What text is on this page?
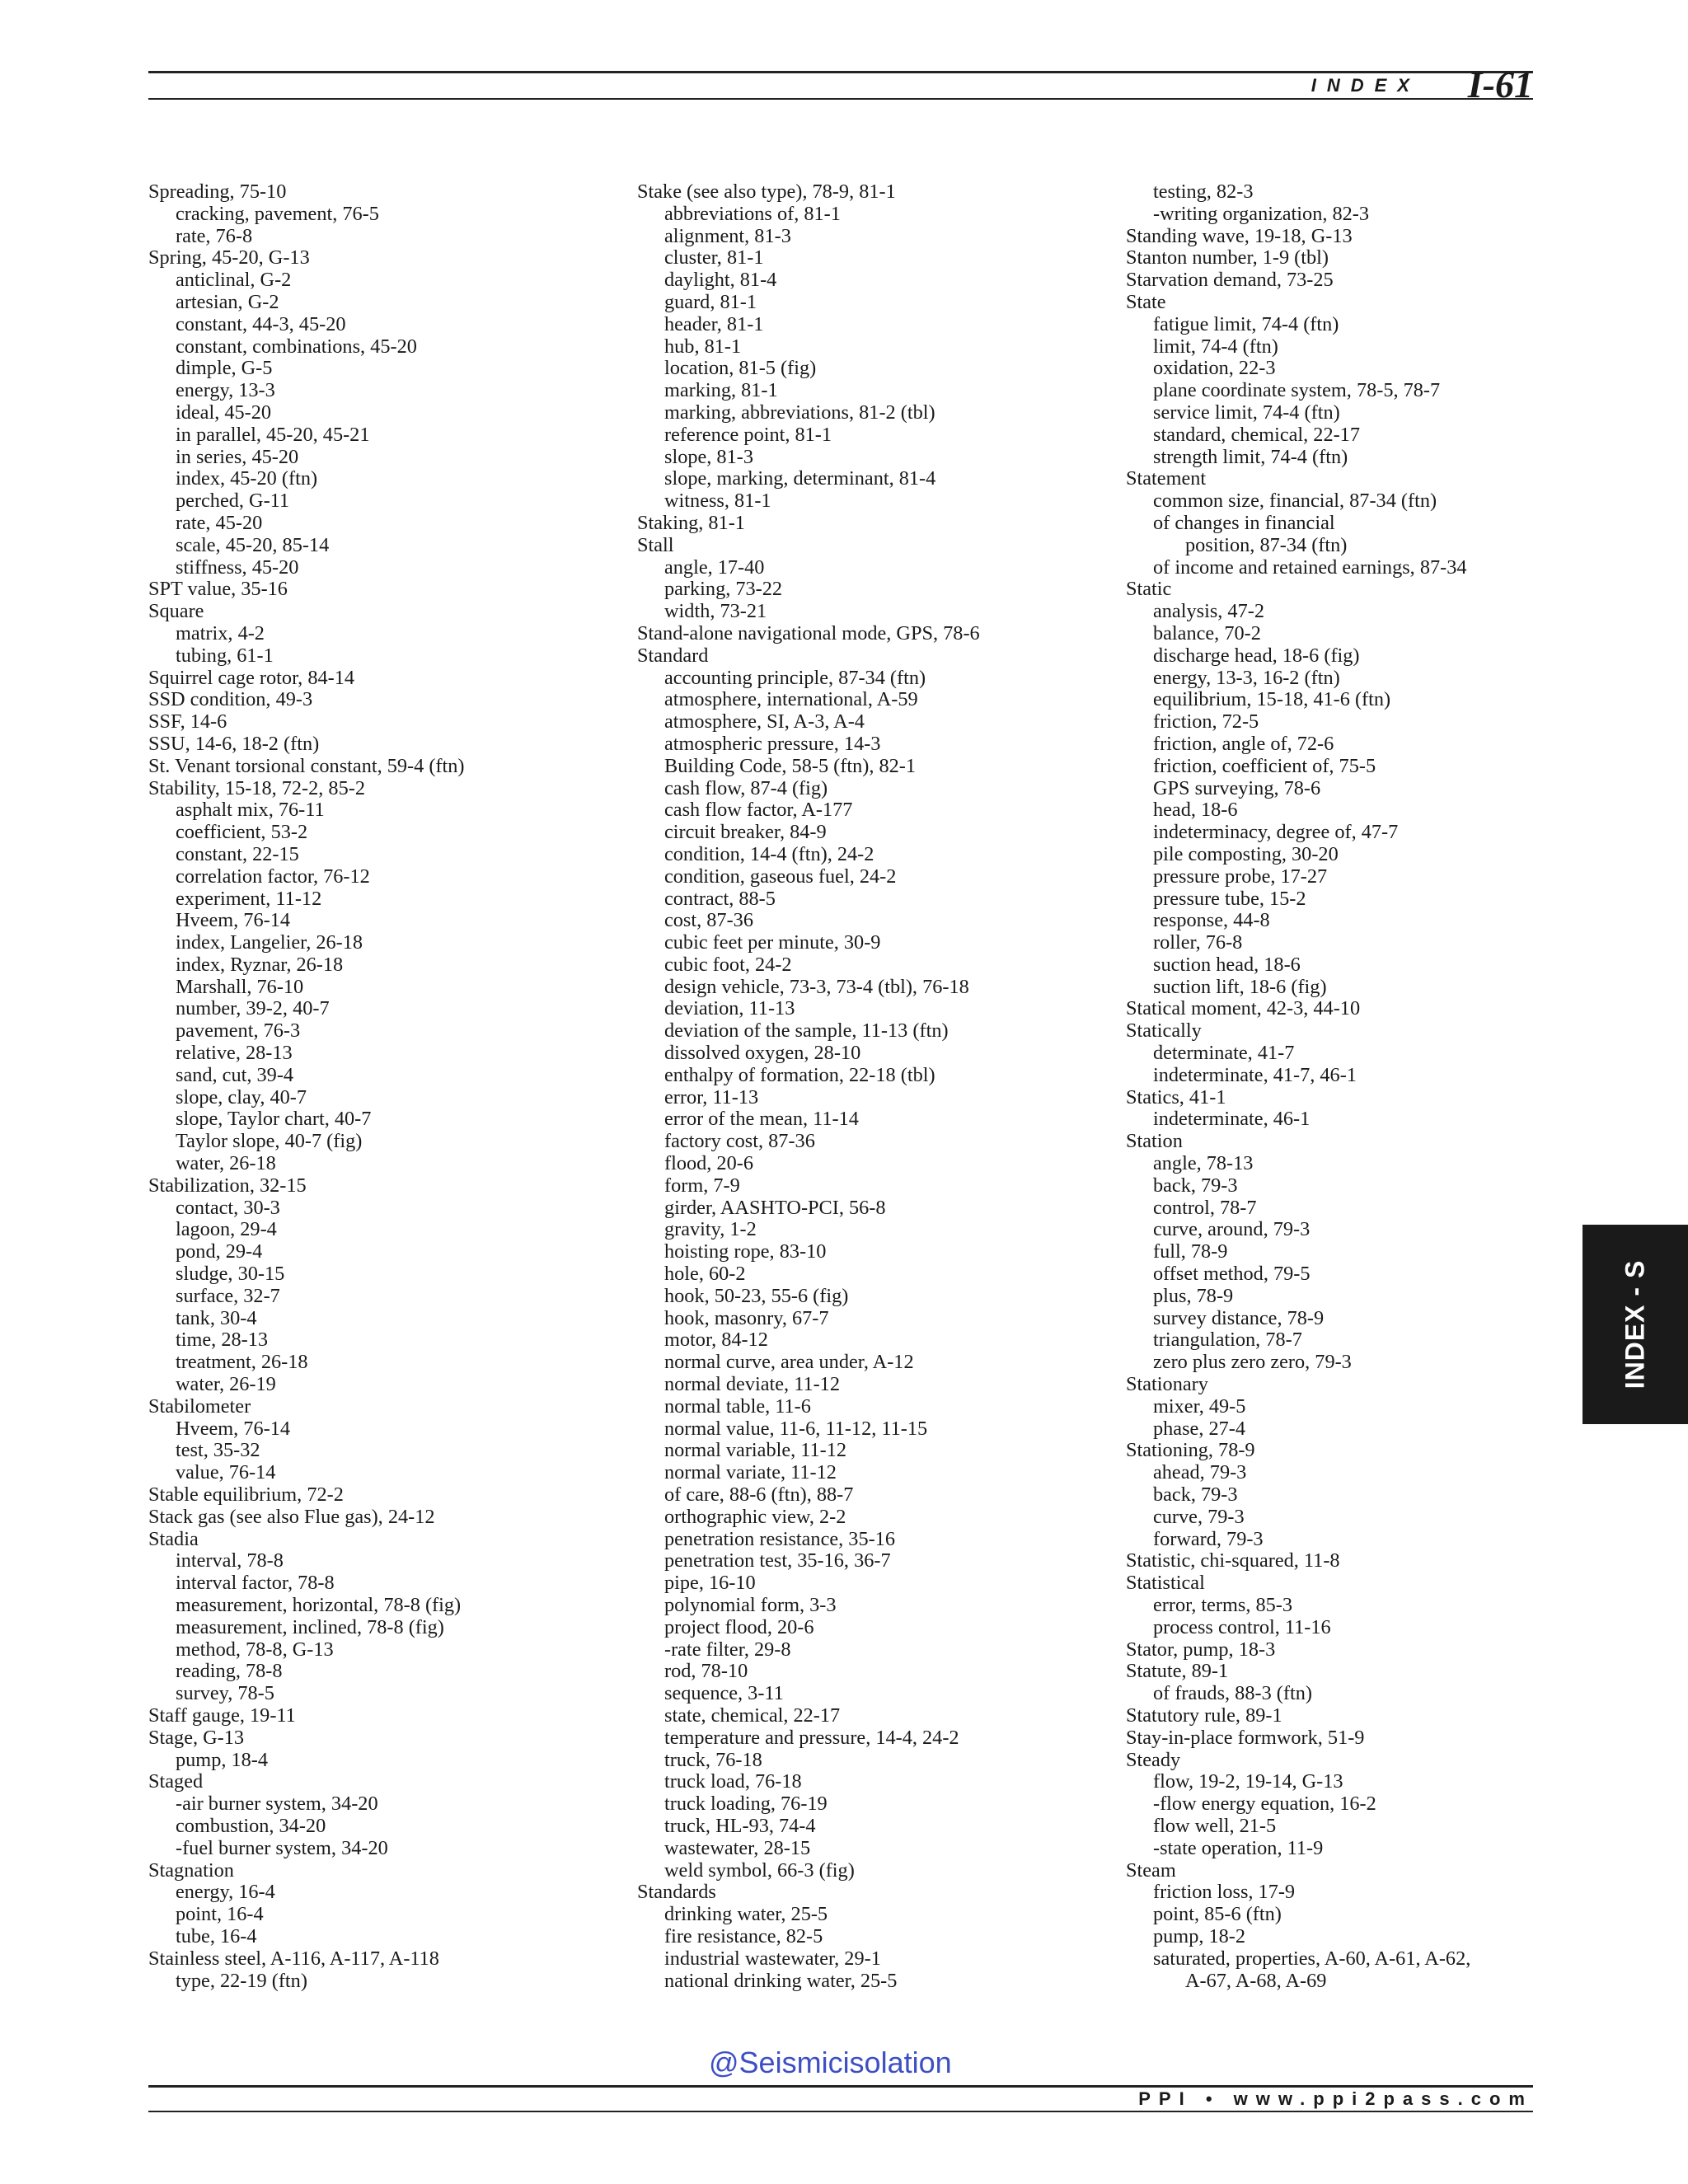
INDEX I-61
Spreading, 75-10
cracking, pavement, 76-5
rate, 76-8
Spring, 45-20, G-13
anticlinal, G-2
artesian, G-2
constant, 44-3, 45-20
constant, combinations, 45-20
dimple, G-5
energy, 13-3
ideal, 45-20
in parallel, 45-20, 45-21
in series, 45-20
index, 45-20 (ftn)
perched, G-11
rate, 45-20
scale, 45-20, 85-14
stiffness, 45-20
SPT value, 35-16
Square
matrix, 4-2
tubing, 61-1
Squirrel cage rotor, 84-14
SSD condition, 49-3
SSF, 14-6
SSU, 14-6, 18-2 (ftn)
St. Venant torsional constant, 59-4 (ftn)
Stability, 15-18, 72-2, 85-2
asphalt mix, 76-11
coefficient, 53-2
constant, 22-15
correlation factor, 76-12
experiment, 11-12
Hveem, 76-14
index, Langelier, 26-18
index, Ryznar, 26-18
Marshall, 76-10
number, 39-2, 40-7
pavement, 76-3
relative, 28-13
sand, cut, 39-4
slope, clay, 40-7
slope, Taylor chart, 40-7
Taylor slope, 40-7 (fig)
water, 26-18
Stabilization, 32-15
contact, 30-3
lagoon, 29-4
pond, 29-4
sludge, 30-15
surface, 32-7
tank, 30-4
time, 28-13
treatment, 26-18
water, 26-19
Stabilometer
Hveem, 76-14
test, 35-32
value, 76-14
Stable equilibrium, 72-2
Stack gas (see also Flue gas), 24-12
Stadia
interval, 78-8
interval factor, 78-8
measurement, horizontal, 78-8 (fig)
measurement, inclined, 78-8 (fig)
method, 78-8, G-13
reading, 78-8
survey, 78-5
Staff gauge, 19-11
Stage, G-13
pump, 18-4
Staged
-air burner system, 34-20
combustion, 34-20
-fuel burner system, 34-20
Stagnation
energy, 16-4
point, 16-4
tube, 16-4
Stainless steel, A-116, A-117, A-118
type, 22-19 (ftn)
Stake (see also type), 78-9, 81-1
abbreviations of, 81-1
alignment, 81-3
cluster, 81-1
daylight, 81-4
guard, 81-1
header, 81-1
hub, 81-1
location, 81-5 (fig)
marking, 81-1
marking, abbreviations, 81-2 (tbl)
reference point, 81-1
slope, 81-3
slope, marking, determinant, 81-4
witness, 81-1
Staking, 81-1
Stall
angle, 17-40
parking, 73-22
width, 73-21
Stand-alone navigational mode, GPS, 78-6
Standard
accounting principle, 87-34 (ftn)
atmosphere, international, A-59
atmosphere, SI, A-3, A-4
atmospheric pressure, 14-3
Building Code, 58-5 (ftn), 82-1
cash flow, 87-4 (fig)
cash flow factor, A-177
circuit breaker, 84-9
condition, 14-4 (ftn), 24-2
condition, gaseous fuel, 24-2
contract, 88-5
cost, 87-36
cubic feet per minute, 30-9
cubic foot, 24-2
design vehicle, 73-3, 73-4 (tbl), 76-18
deviation, 11-13
deviation of the sample, 11-13 (ftn)
dissolved oxygen, 28-10
enthalpy of formation, 22-18 (tbl)
error, 11-13
error of the mean, 11-14
factory cost, 87-36
flood, 20-6
form, 7-9
girder, AASHTO-PCI, 56-8
gravity, 1-2
hoisting rope, 83-10
hole, 60-2
hook, 50-23, 55-6 (fig)
hook, masonry, 67-7
motor, 84-12
normal curve, area under, A-12
normal deviate, 11-12
normal table, 11-6
normal value, 11-6, 11-12, 11-15
normal variable, 11-12
normal variate, 11-12
of care, 88-6 (ftn), 88-7
orthographic view, 2-2
penetration resistance, 35-16
penetration test, 35-16, 36-7
pipe, 16-10
polynomial form, 3-3
project flood, 20-6
-rate filter, 29-8
rod, 78-10
sequence, 3-11
state, chemical, 22-17
temperature and pressure, 14-4, 24-2
truck, 76-18
truck load, 76-18
truck loading, 76-19
truck, HL-93, 74-4
wastewater, 28-15
weld symbol, 66-3 (fig)
Standards
drinking water, 25-5
fire resistance, 82-5
industrial wastewater, 29-1
national drinking water, 25-5
testing, 82-3
-writing organization, 82-3
Standing wave, 19-18, G-13
Stanton number, 1-9 (tbl)
Starvation demand, 73-25
State
fatigue limit, 74-4 (ftn)
limit, 74-4 (ftn)
oxidation, 22-3
plane coordinate system, 78-5, 78-7
service limit, 74-4 (ftn)
standard, chemical, 22-17
strength limit, 74-4 (ftn)
Statement
common size, financial, 87-34 (ftn)
of changes in financial
position, 87-34 (ftn)
of income and retained earnings, 87-34
Static
analysis, 47-2
balance, 70-2
discharge head, 18-6 (fig)
energy, 13-3, 16-2 (ftn)
equilibrium, 15-18, 41-6 (ftn)
friction, 72-5
friction, angle of, 72-6
friction, coefficient of, 75-5
GPS surveying, 78-6
head, 18-6
indeterminacy, degree of, 47-7
pile composting, 30-20
pressure probe, 17-27
pressure tube, 15-2
response, 44-8
roller, 76-8
suction head, 18-6
suction lift, 18-6 (fig)
Statical moment, 42-3, 44-10
Statically
determinate, 41-7
indeterminate, 41-7, 46-1
Statics, 41-1
indeterminate, 46-1
Station
angle, 78-13
back, 79-3
control, 78-7
curve, around, 79-3
full, 78-9
offset method, 79-5
plus, 78-9
survey distance, 78-9
triangulation, 78-7
zero plus zero zero, 79-3
Stationary
mixer, 49-5
phase, 27-4
Stationing, 78-9
ahead, 79-3
back, 79-3
curve, 79-3
forward, 79-3
Statistic, chi-squared, 11-8
Statistical
error, terms, 85-3
process control, 11-16
Stator, pump, 18-3
Statute, 89-1
of frauds, 88-3 (ftn)
Statutory rule, 89-1
Stay-in-place formwork, 51-9
Steady
flow, 19-2, 19-14, G-13
-flow energy equation, 16-2
flow well, 21-5
-state operation, 11-9
Steam
friction loss, 17-9
point, 85-6 (ftn)
pump, 18-2
saturated, properties, A-60, A-61, A-62,
A-67, A-68, A-69
INDEX - S
@Seismicisolation
PPI • www.ppi2pass.com
